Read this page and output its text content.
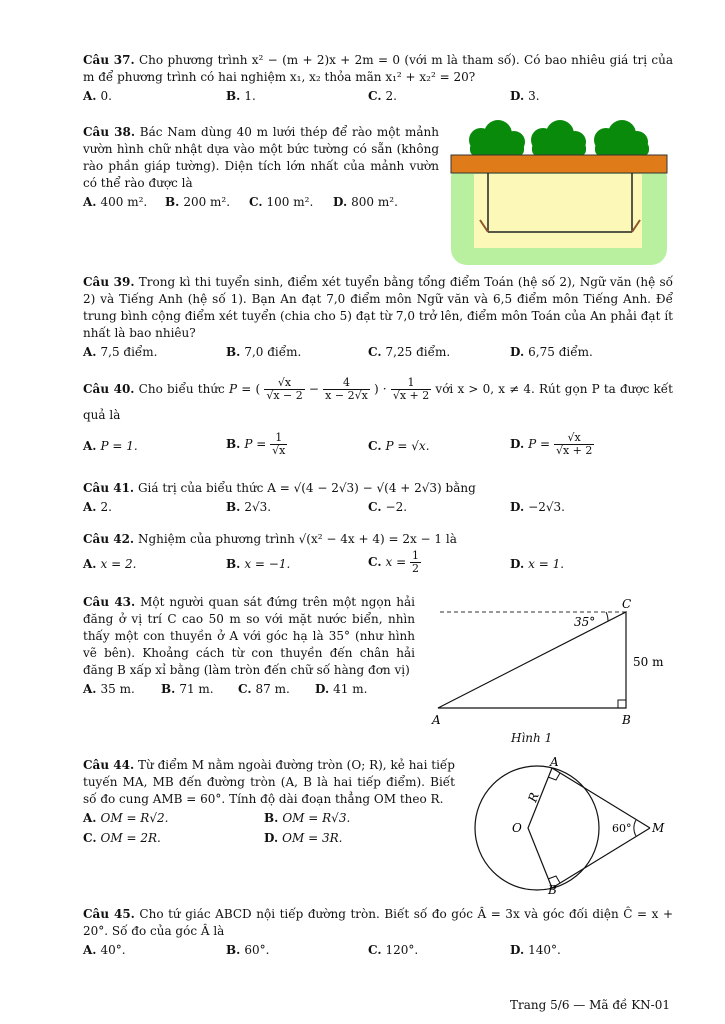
Câu 37. Cho phương trình x² − (m + 2)x + 2m = 0 (với m là tham số). Có bao nhiêu giá trị của m để phương trình có hai nghiệm x₁, x₂ thỏa mãn x₁² + x₂² = 20?
A. 0.	B. 1.	C. 2.	D. 3.
Câu 38. Bác Nam dùng 40 m lưới thép để rào một mảnh vườn hình chữ nhật dựa vào một bức tường có sẵn (không rào phần giáp tường). Diện tích lớn nhất của mảnh vườn có thể rào được là
A. 400 m². B. 200 m². C. 100 m². D. 800 m².
Câu 39. Trong kì thi tuyển sinh, điểm xét tuyển bằng tổng điểm Toán (hệ số 2), Ngữ văn (hệ số 2) và Tiếng Anh (hệ số 1). Bạn An đạt 7,0 điểm môn Ngữ văn và 6,5 điểm môn Tiếng Anh. Để trung bình cộng điểm xét tuyển (chia cho 5) đạt từ 7,0 trở lên, điểm môn Toán của An phải đạt ít nhất là bao nhiêu?
A. 7,5 điểm.	B. 7,0 điểm.	C. 7,25 điểm.	D. 6,75 điểm.
Câu 40. Cho biểu thức P = ( $\frac{√x}{√x - 2} - \frac{4}{x - 2√x}$ ) · $\frac{1}{√x + 2}$ với x > 0, x ≠ 4. Rút gọn P ta được kết quả là
A. P = 1.	B. $P = \frac{1}{√x}$	C. P = √x.	D. $P = \frac{√x}{√x + 2}$
Câu 41. Giá trị của biểu thức A = √(4 − 2√3) − √(4 + 2√3) bằng
A. 2.	B. 2√3.	C. −2.	D. −2√3.
Câu 42. Nghiệm của phương trình √(x² − 4x + 4) = 2x − 1 là
A. x = 2.	B. x = −1.	C. $x = \frac{1}{2}$	D. x = 1.
Câu 43. Một người quan sát đứng trên một ngọn hải đăng ở vị trí C cao 50 m so với mặt nước biển, nhìn thấy một con thuyền ở A với góc hạ là 35° (như hình vẽ bên). Khoảng cách từ con thuyền đến chân hải đăng B xấp xỉ bằng (làm tròn đến chữ số hàng đơn vị)
A. 35 m. B. 71 m. C. 87 m. D. 41 m.
35°
C
A	B
50 m
Hình 1
Câu 44. Từ điểm M nằm ngoài đường tròn (O; R), kẻ hai tiếp tuyến MA, MB đến đường tròn (A, B là hai tiếp điểm). Biết số đo cung AMB = 60°. Tính độ dài đoạn thẳng OM theo R.
A. OM = R√2.	B. OM = R√3.
C. OM = 2R.	D. OM = 3R.
A
B
O	M
R
60°
Câu 45. Cho tứ giác ABCD nội tiếp đường tròn. Biết số đo góc Â = 3x và góc đối diện Ĉ = x + 20°. Số đo của góc Â là
A. 40°.	B. 60°.	C. 120°.	D. 140°.
Trang 5/6 — Mã đề KN-01
